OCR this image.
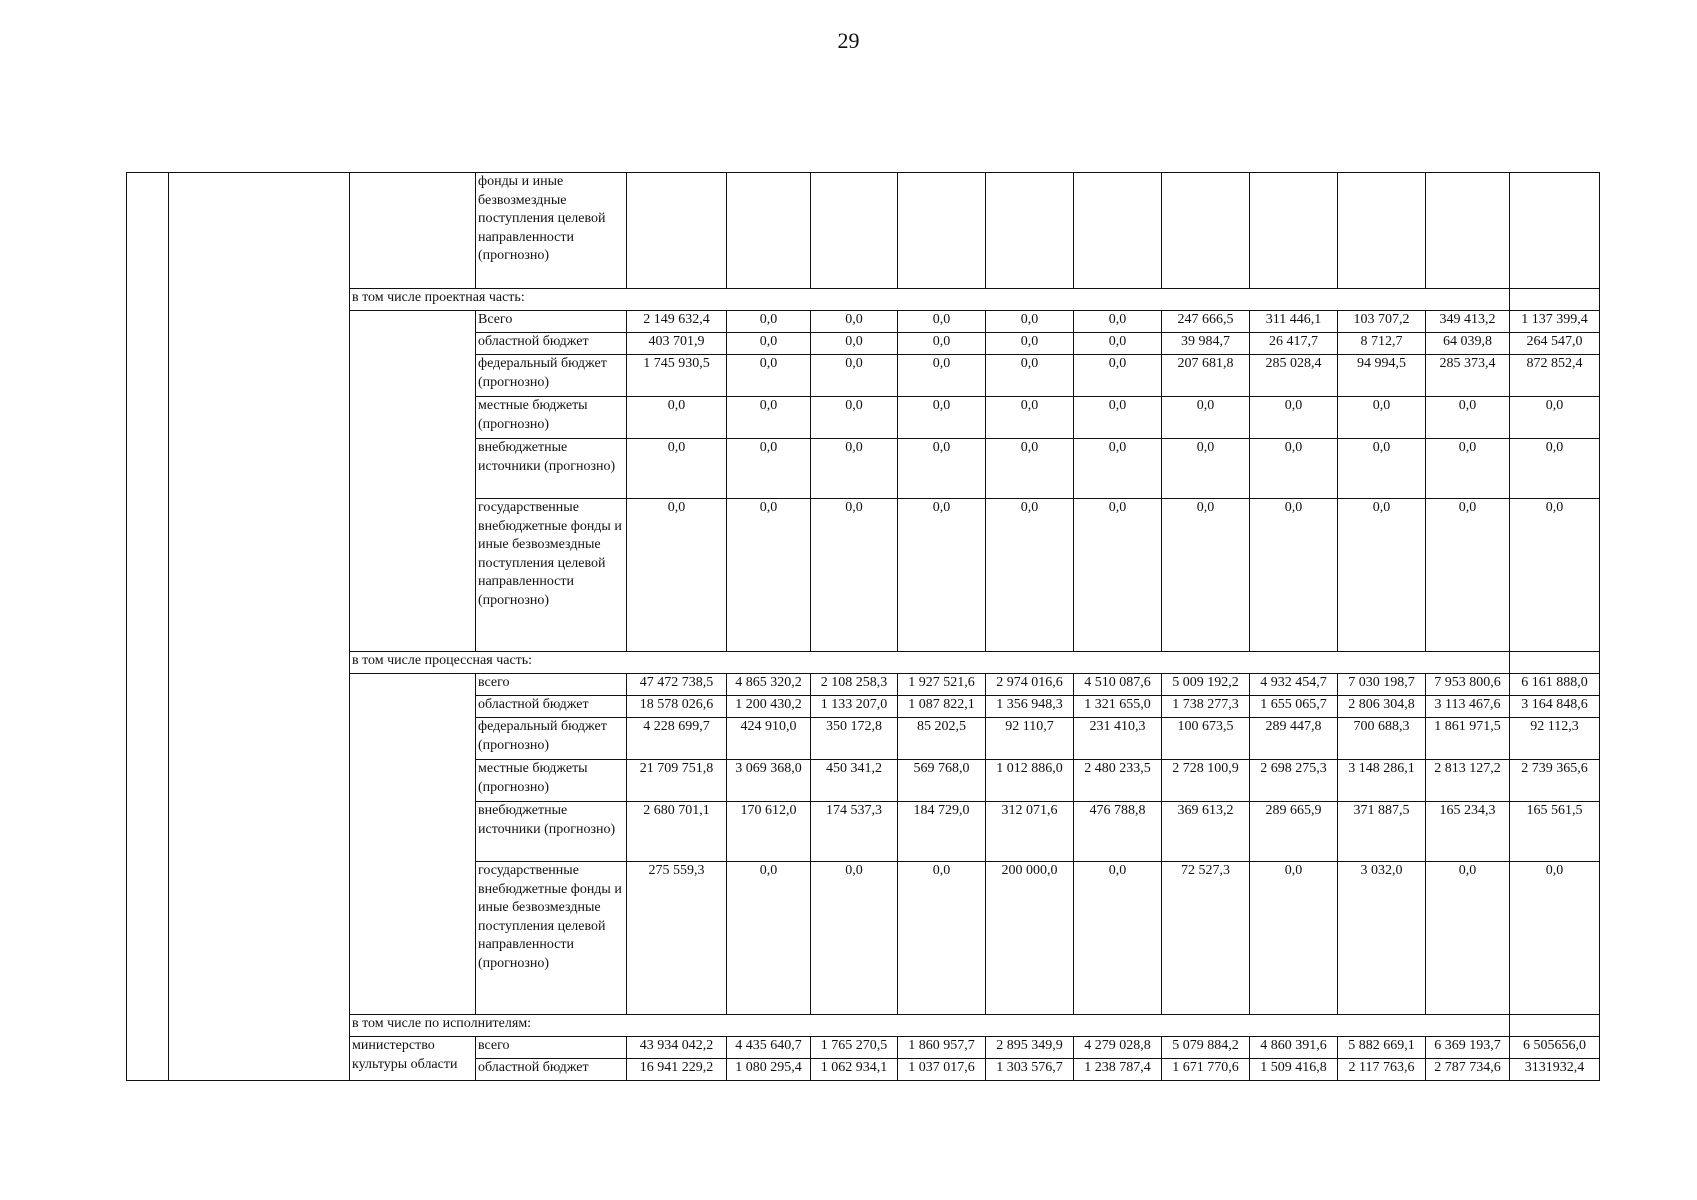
29
			фонды и иные безвозмездные поступления целевой направленности (прогнозно)											
		в том числе проектная часть:												
			Всего	2 149 632,4	0,0	0,0	0,0	0,0	0,0	247 666,5	311 446,1	103 707,2	349 413,2	1 137 399,4
			областной бюджет	403 701,9	0,0	0,0	0,0	0,0	0,0	39 984,7	26 417,7	8 712,7	64 039,8	264 547,0
			федеральный бюджет (прогнозно)	1 745 930,5	0,0	0,0	0,0	0,0	0,0	207 681,8	285 028,4	94 994,5	285 373,4	872 852,4
			местные бюджеты (прогнозно)	0,0	0,0	0,0	0,0	0,0	0,0	0,0	0,0	0,0	0,0	0,0
			внебюджетные источники (прогнозно)	0,0	0,0	0,0	0,0	0,0	0,0	0,0	0,0	0,0	0,0	0,0
			государственные внебюджетные фонды и иные безвозмездные поступления целевой направленности (прогнозно)	0,0	0,0	0,0	0,0	0,0	0,0	0,0	0,0	0,0	0,0	0,0
		в том числе процессная часть:												
			всего	47 472 738,5	4 865 320,2	2 108 258,3	1 927 521,6	2 974 016,6	4 510 087,6	5 009 192,2	4 932 454,7	7 030 198,7	7 953 800,6	6 161 888,0
			областной бюджет	18 578 026,6	1 200 430,2	1 133 207,0	1 087 822,1	1 356 948,3	1 321 655,0	1 738 277,3	1 655 065,7	2 806 304,8	3 113 467,6	3 164 848,6
			федеральный бюджет (прогнозно)	4 228 699,7	424 910,0	350 172,8	85 202,5	92 110,7	231 410,3	100 673,5	289 447,8	700 688,3	1 861 971,5	92 112,3
			местные бюджеты (прогнозно)	21 709 751,8	3 069 368,0	450 341,2	569 768,0	1 012 886,0	2 480 233,5	2 728 100,9	2 698 275,3	3 148 286,1	2 813 127,2	2 739 365,6
			внебюджетные источники (прогнозно)	2 680 701,1	170 612,0	174 537,3	184 729,0	312 071,6	476 788,8	369 613,2	289 665,9	371 887,5	165 234,3	165 561,5
			государственные внебюджетные фонды и иные безвозмездные поступления целевой направленности (прогнозно)	275 559,3	0,0	0,0	0,0	200 000,0	0,0	72 527,3	0,0	3 032,0	0,0	0,0
		в том числе по исполнителям:												
		министерство культуры области	всего	43 934 042,2	4 435 640,7	1 765 270,5	1 860 957,7	2 895 349,9	4 279 028,8	5 079 884,2	4 860 391,6	5 882 669,1	6 369 193,7	6 505656,0
			областной бюджет	16 941 229,2	1 080 295,4	1 062 934,1	1 037 017,6	1 303 576,7	1 238 787,4	1 671 770,6	1 509 416,8	2 117 763,6	2 787 734,6	3131932,4
